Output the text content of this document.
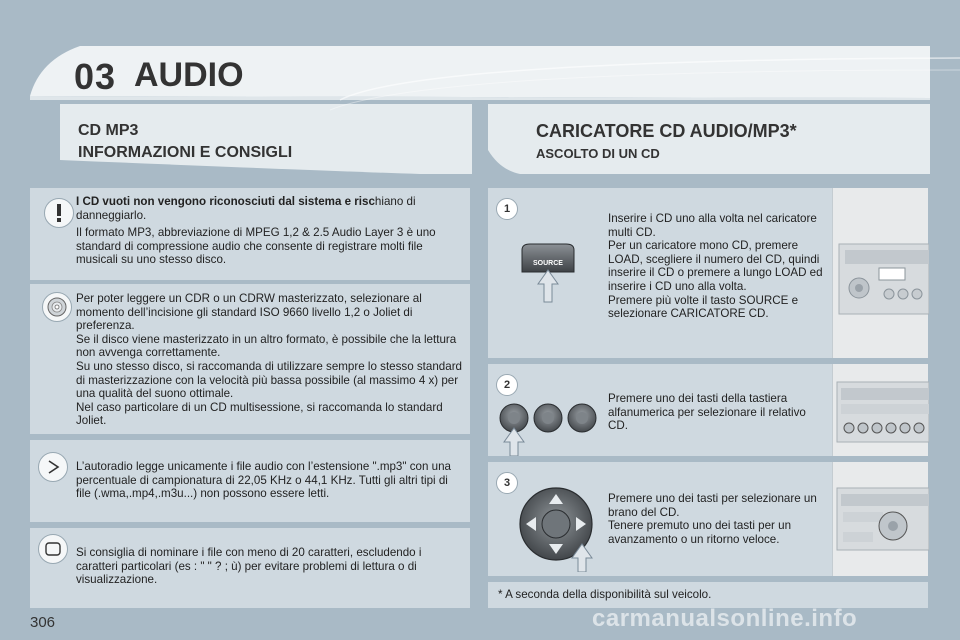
03 AUDIO
CD MP3
INFORMAZIONI E CONSIGLI
CARICATORE CD AUDIO/MP3*
ASCOLTO DI UN CD

I CD vuoti non vengono riconosciuti dal sistema e rischiano di danneggiarlo.

Il formato MP3, abbreviazione di MPEG 1,2 & 2.5 Audio Layer 3 è uno standard di compressione audio che consente di registrare molti file musicali su uno stesso disco.

Per poter leggere un CDR o un CDRW masterizzato, selezionare al momento dell’incisione gli standard ISO 9660 livello 1,2 o Joliet di preferenza.
Se il disco viene masterizzato in un altro formato, è possibile che la lettura non avvenga correttamente.
Su uno stesso disco, si raccomanda di utilizzare sempre lo stesso standard di masterizzazione con la velocità più bassa possibile (al massimo 4 x) per una qualità del suono ottimale.
Nel caso particolare di un CD multisessione, si raccomanda lo standard Joliet.
L’autoradio legge unicamente i file audio con l’estensione ".mp3" con una percentuale di campionatura di 22,05 KHz o 44,1 KHz. Tutti gli altri tipi di file (.wma,.mp4,.m3u...) non possono essere letti.
Si consiglia di nominare i file con meno di 20 caratteri, escludendo i caratteri particolari (es : " " ? ; ù) per evitare problemi di lettura o di visualizzazione.
1
SOURCE
Inserire i CD uno alla volta nel caricatore multi CD.
Per un caricatore mono CD, premere LOAD, scegliere il numero del CD, quindi inserire il CD o premere a lungo LOAD ed inserire i CD uno alla volta.
Premere più volte il tasto SOURCE e selezionare CARICATORE CD.
2
Premere uno dei tasti della tastiera alfanumerica per selezionare il relativo CD.
3
Premere uno dei tasti per selezionare un brano del CD.
Tenere premuto uno dei tasti per un avanzamento o un ritorno veloce.
* A seconda della disponibilità sul veicolo.
306	carmanualsonline.info
